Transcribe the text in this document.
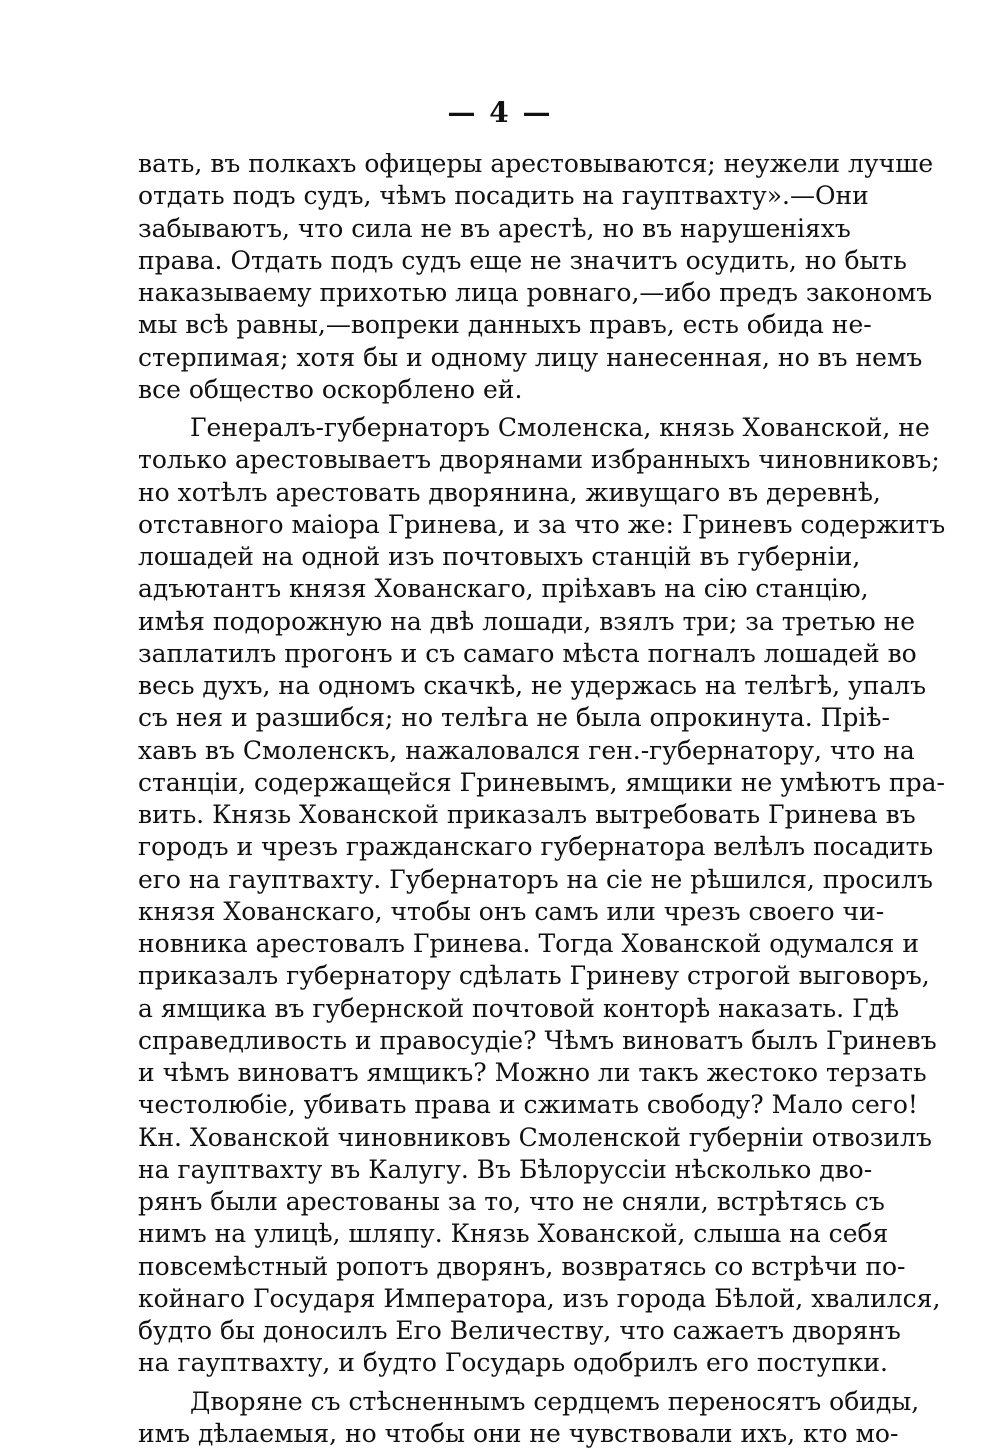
— 4 —
вать, въ полкахъ офицеры арестовываются; неужели лучше
отдать подъ судъ, чѣмъ посадить на гауптвахту».—Они
забываютъ, что сила не въ арестѣ, но въ нарушеніяхъ
права. Отдать подъ судъ еще не значитъ осудить, но быть
наказываему прихотью лица ровнаго,—ибо предъ закономъ
мы всѣ равны,—вопреки данныхъ правъ, есть обида не-
стерпимая; хотя бы и одному лицу нанесенная, но въ немъ
все общество оскорблено ей.
Генералъ-губернаторъ Смоленска, князь Хованской, не
только арестовываетъ дворянами избранныхъ чиновниковъ;
но хотѣлъ арестовать дворянина, живущаго въ деревнѣ,
отставного маіора Гринева, и за что же: Гриневъ содержитъ
лошадей на одной изъ почтовыхъ станцій въ губерніи,
адъютантъ князя Хованскаго, пріѣхавъ на сію станцію,
имѣя подорожную на двѣ лошади, взялъ три; за третью не
заплатилъ прогонъ и съ самаго мѣста погналъ лошадей во
весь духъ, на одномъ скачкѣ, не удержась на телѣгѣ, упалъ
съ нея и разшибся; но телѣга не была опрокинута. Пріѣ-
хавъ въ Смоленскъ, нажаловался ген.-губернатору, что на
станціи, содержащейся Гриневымъ, ямщики не умѣютъ пра-
вить. Князь Хованской приказалъ вытребовать Гринева въ
городъ и чрезъ гражданскаго губернатора велѣлъ посадить
его на гауптвахту. Губернаторъ на сіе не рѣшился, просилъ
князя Хованскаго, чтобы онъ самъ или чрезъ своего чи-
новника арестовалъ Гринева. Тогда Хованской одумался и
приказалъ губернатору сдѣлать Гриневу строгой выговоръ,
а ямщика въ губернской почтовой конторѣ наказать. Гдѣ
справедливость и правосудіе? Чѣмъ виноватъ былъ Гриневъ
и чѣмъ виноватъ ямщикъ? Можно ли такъ жестоко терзать
честолюбіе, убивать права и сжимать свободу? Мало сего!
Кн. Хованской чиновниковъ Смоленской губерніи отвозилъ
на гауптвахту въ Калугу. Въ Бѣлоруссіи нѣсколько дво-
рянъ были арестованы за то, что не сняли, встрѣтясь съ
нимъ на улицѣ, шляпу. Князь Хованской, слыша на себя
повсемѣстный ропотъ дворянъ, возвратясь со встрѣчи по-
койнаго Государя Императора, изъ города Бѣлой, хвалился,
будто бы доносилъ Его Величеству, что сажаетъ дворянъ
на гауптвахту, и будто Государь одобрилъ его поступки.
Дворяне съ стѣсненнымъ сердцемъ переносятъ обиды,
имъ дѣлаемыя, но чтобы они не чувствовали ихъ, кто мо-
